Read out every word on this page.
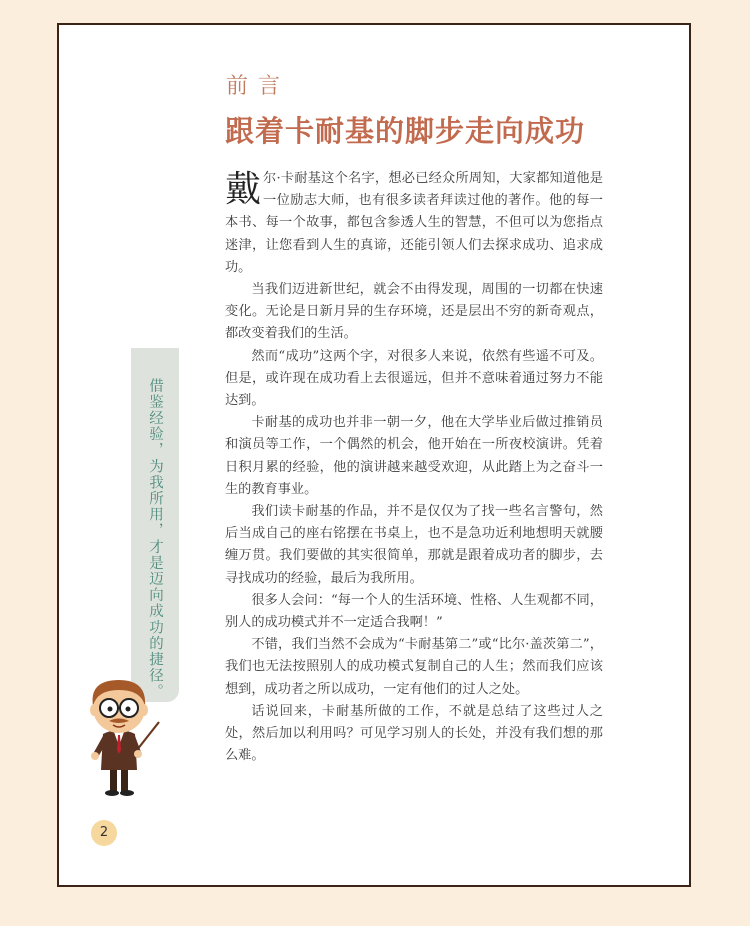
前言
跟着卡耐基的脚步走向成功

戴尔·卡耐基这个名字，想必已经众所周知，大家都知道他是一位励志大师，也有很多读者拜读过他的著作。他的每一本书、每一个故事，都包含参透人生的智慧，不但可以为您指点迷津，让您看到人生的真谛，还能引领人们去探求成功、追求成功。

当我们迈进新世纪，就会不由得发现，周围的一切都在快速变化。无论是日新月异的生存环境，还是层出不穷的新奇观点，都改变着我们的生活。

然而“成功”这两个字，对很多人来说，依然有些遥不可及。但是，或许现在成功看上去很遥远，但并不意味着通过努力不能达到。

卡耐基的成功也并非一朝一夕，他在大学毕业后做过推销员和演员等工作，一个偶然的机会，他开始在一所夜校演讲。凭着日积月累的经验，他的演讲越来越受欢迎，从此踏上为之奋斗一生的教育事业。

我们读卡耐基的作品，并不是仅仅为了找一些名言警句，然后当成自己的座右铭摆在书桌上，也不是急功近利地想明天就腰缠万贯。我们要做的其实很简单，那就是跟着成功者的脚步，去寻找成功的经验，最后为我所用。

很多人会问：“每一个人的生活环境、性格、人生观都不同，别人的成功模式并不一定适合我啊！”

不错，我们当然不会成为“卡耐基第二”或“比尔·盖茨第二”，我们也无法按照别人的成功模式复制自己的人生；然而我们应该想到，成功者之所以成功，一定有他们的过人之处。

话说回来，卡耐基所做的工作，不就是总结了这些过人之处，然后加以利用吗？可见学习别人的长处，并没有我们想的那么难。

借鉴经验，为我所用，才是迈向成功的捷径。
2
